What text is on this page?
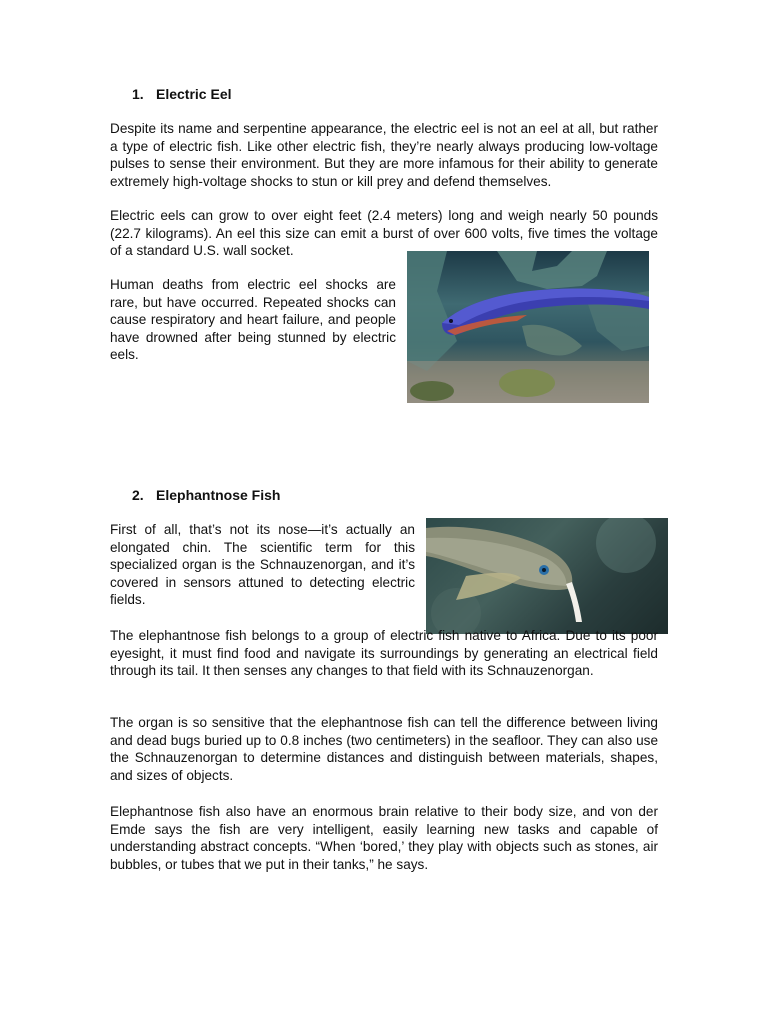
1. Electric Eel

Despite its name and serpentine appearance, the electric eel is not an eel at all, but rather a type of electric fish. Like other electric fish, they’re nearly always producing low-voltage pulses to sense their environment. But they are more infamous for their ability to generate extremely high-voltage shocks to stun or kill prey and defend themselves.

Electric eels can grow to over eight feet (2.4 meters) long and weigh nearly 50 pounds (22.7 kilograms). An eel this size can emit a burst of over 600 volts, five times the voltage of a standard U.S. wall socket.

Human deaths from electric eel shocks are rare, but have occurred. Repeated shocks can cause respiratory and heart failure, and people have drowned after being stunned by electric eels.

2. Elephantnose Fish

First of all, that’s not its nose—it’s actually an elongated chin. The scientific term for this specialized organ is the Schnauzenorgan, and it’s covered in sensors attuned to detecting electric fields.

The elephantnose fish belongs to a group of electric fish native to Africa. Due to its poor eyesight, it must find food and navigate its surroundings by generating an electrical field through its tail. It then senses any changes to that field with its Schnauzenorgan.

The organ is so sensitive that the elephantnose fish can tell the difference between living and dead bugs buried up to 0.8 inches (two centimeters) in the seafloor. They can also use the Schnauzenorgan to determine distances and distinguish between materials, shapes, and sizes of objects.

Elephantnose fish also have an enormous brain relative to their body size, and von der Emde says the fish are very intelligent, easily learning new tasks and capable of understanding abstract concepts. “When ‘bored,’ they play with objects such as stones, air bubbles, or tubes that we put in their tanks,” he says.
